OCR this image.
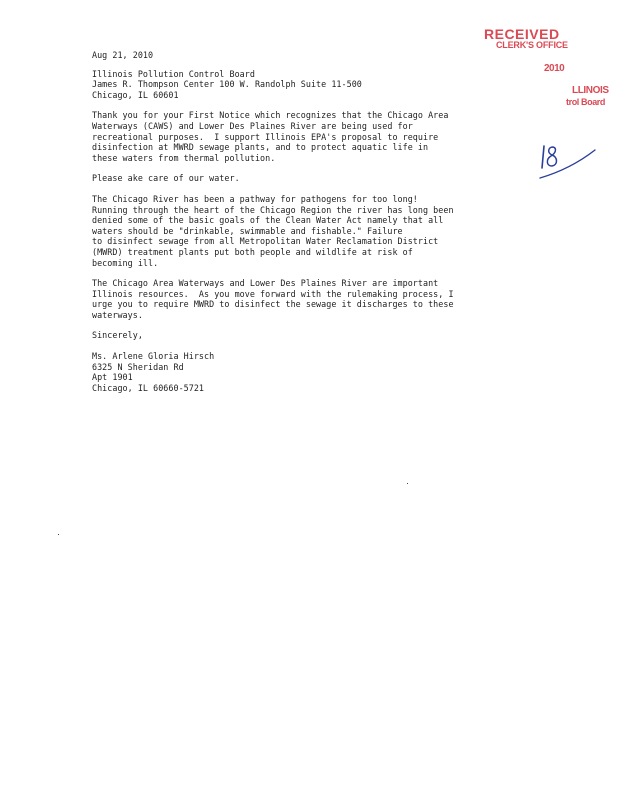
RECEIVED
CLERK'S OFFICE
2010
LLINOIS
trol Board
Aug 21, 2010
Illinois Pollution Control Board
James R. Thompson Center 100 W. Randolph Suite 11-500
Chicago, IL 60601
Thank you for your First Notice which recognizes that the Chicago Area
Waterways (CAWS) and Lower Des Plaines River are being used for
recreational purposes.  I support Illinois EPA's proposal to require
disinfection at MWRD sewage plants, and to protect aquatic life in
these waters from thermal pollution.
Please ake care of our water.
The Chicago River has been a pathway for pathogens for too long!
Running through the heart of the Chicago Region the river has long been
denied some of the basic goals of the Clean Water Act namely that all
waters should be "drinkable, swimmable and fishable." Failure
to disinfect sewage from all Metropolitan Water Reclamation District
(MWRD) treatment plants put both people and wildlife at risk of
becoming ill.
The Chicago Area Waterways and Lower Des Plaines River are important
Illinois resources.  As you move forward with the rulemaking process, I
urge you to require MWRD to disinfect the sewage it discharges to these
waterways.
Sincerely,
Ms. Arlene Gloria Hirsch
6325 N Sheridan Rd
Apt 1901
Chicago, IL 60660-5721
